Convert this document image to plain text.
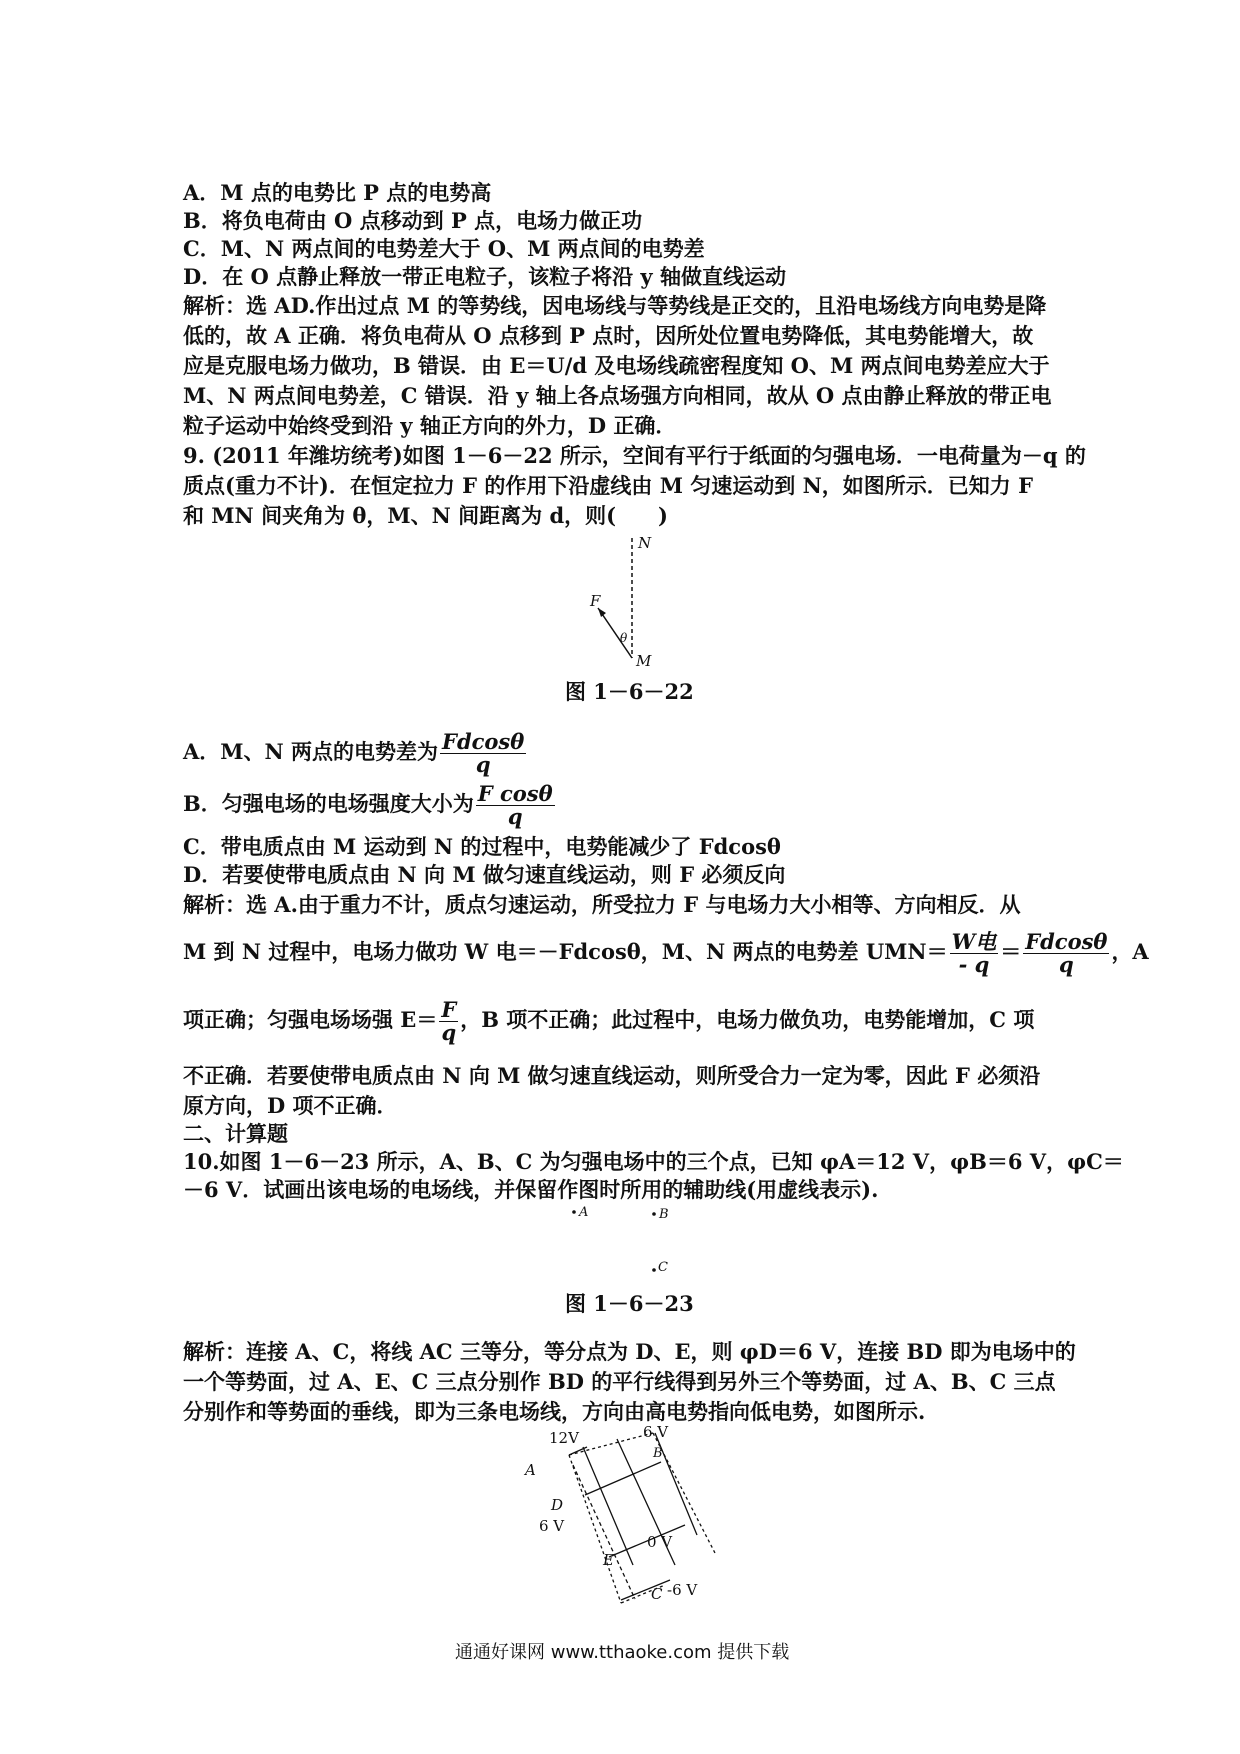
A．M 点的电势比 P 点的电势高
B．将负电荷由 O 点移动到 P 点，电场力做正功
C．M、N 两点间的电势差大于 O、M 两点间的电势差
D．在 O 点静止释放一带正电粒子，该粒子将沿 y 轴做直线运动
解析：选 AD.作出过点 M 的等势线，因电场线与等势线是正交的，且沿电场线方向电势是降
低的，故 A 正确．将负电荷从 O 点移到 P 点时，因所处位置电势降低，其电势能增大，故
应是克服电场力做功，B 错误．由 E＝U/d 及电场线疏密程度知 O、M 两点间电势差应大于
M、N 两点间电势差，C 错误．沿 y 轴上各点场强方向相同，故从 O 点由静止释放的带正电
粒子运动中始终受到沿 y 轴正方向的外力，D 正确．
9. (2011 年潍坊统考)如图 1－6－22 所示，空间有平行于纸面的匀强电场．一电荷量为－q 的
质点(重力不计)．在恒定拉力 F 的作用下沿虚线由 M 匀速运动到 N，如图所示．已知力 F
和 MN 间夹角为 θ，M、N 间距离为 d，则(　　)
N
F
θ
M
图 1－6－22
A．M、N 两点的电势差为 $\frac{Fdcos\theta}{q}$
B．匀强电场的电场强度大小为 $\frac{\text{F cosθ}}{q}$
C．带电质点由 M 运动到 N 的过程中，电势能减少了 Fdcosθ
D．若要使带电质点由 N 向 M 做匀速直线运动，则 F 必须反向
解析：选 A.由于重力不计，质点匀速运动，所受拉力 F 与电场力大小相等、方向相反．从
M 到 N 过程中，电场力做功 W 电＝－Fdcosθ，M、N 两点的电势差 $UMN= \frac{\text{W电}}{- q} = \frac{Fdcos\theta}{q}$ ，A
项正确；匀强电场场强 $E= \frac{F}{q}$ ，B 项不正确；此过程中，电场力做负功，电势能增加，C 项
不正确．若要使带电质点由 N 向 M 做匀速直线运动，则所受合力一定为零，因此 F 必须沿
原方向，D 项不正确．
二、计算题
10.如图 1－6－23 所示，A、B、C 为匀强电场中的三个点，已知 φA＝12 V，φB＝6 V，φC＝
－6 V．试画出该电场的电场线，并保留作图时所用的辅助线(用虚线表示).
A	B
C
图 1－6－23
解析：连接 A、C，将线 AC 三等分，等分点为 D、E，则 φD＝6 V，连接 BD 即为电场中的
一个等势面，过 A、E、C 三点分别作 BD 的平行线得到另外三个等势面，过 A、B、C 三点
分别作和等势面的垂线，即为三条电场线，方向由高电势指向低电势，如图所示.
12V	6 V
B
A
D
6 V
0 V
E
C -6 V
通通好课网 www.tthaoke.com 提供下载
